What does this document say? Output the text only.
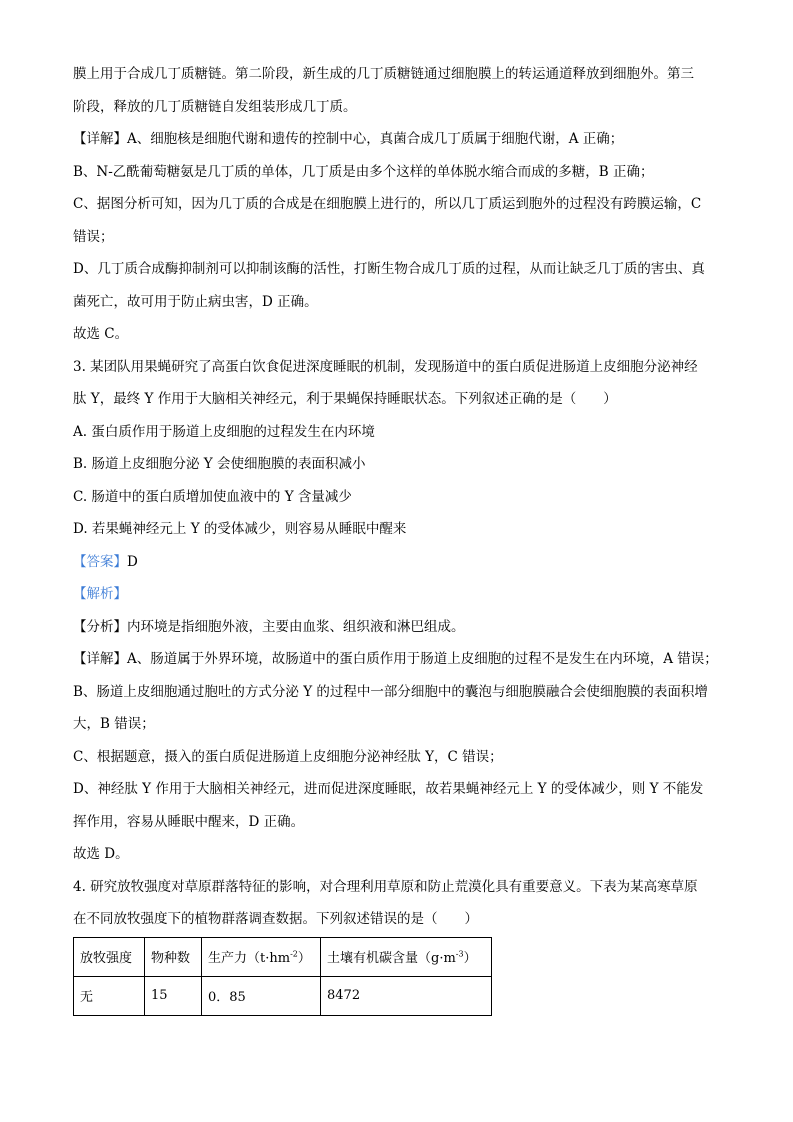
膜上用于合成几丁质糖链。第二阶段，新生成的几丁质糖链通过细胞膜上的转运通道释放到细胞外。第三

阶段，释放的几丁质糖链自发组装形成几丁质。

【详解】A、细胞核是细胞代谢和遗传的控制中心，真菌合成几丁质属于细胞代谢，A 正确；

B、N-乙酰葡萄糖氨是几丁质的单体，几丁质是由多个这样的单体脱水缩合而成的多糖，B 正确；

C、据图分析可知，因为几丁质的合成是在细胞膜上进行的，所以几丁质运到胞外的过程没有跨膜运输，C

错误；

D、几丁质合成酶抑制剂可以抑制该酶的活性，打断生物合成几丁质的过程，从而让缺乏几丁质的害虫、真

菌死亡，故可用于防止病虫害，D 正确。

故选 C。

3. 某团队用果蝇研究了高蛋白饮食促进深度睡眠的机制，发现肠道中的蛋白质促进肠道上皮细胞分泌神经

肽 Y，最终 Y 作用于大脑相关神经元，利于果蝇保持睡眠状态。下列叙述正确的是（　　）

A. 蛋白质作用于肠道上皮细胞的过程发生在内环境

B. 肠道上皮细胞分泌 Y 会使细胞膜的表面积减小

C. 肠道中的蛋白质增加使血液中的 Y 含量减少

D. 若果蝇神经元上 Y 的受体减少，则容易从睡眠中醒来

【答案】D

【解析】

【分析】内环境是指细胞外液，主要由血浆、组织液和淋巴组成。

【详解】A、肠道属于外界环境，故肠道中的蛋白质作用于肠道上皮细胞的过程不是发生在内环境，A 错误；

B、肠道上皮细胞通过胞吐的方式分泌 Y 的过程中一部分细胞中的囊泡与细胞膜融合会使细胞膜的表面积增

大，B 错误；

C、根据题意，摄入的蛋白质促进肠道上皮细胞分泌神经肽 Y，C 错误；

D、神经肽 Y 作用于大脑相关神经元，进而促进深度睡眠，故若果蝇神经元上 Y 的受体减少，则 Y 不能发

挥作用，容易从睡眠中醒来，D 正确。

故选 D。

4. 研究放牧强度对草原群落特征的影响，对合理利用草原和防止荒漠化具有重要意义。下表为某高寒草原

在不同放牧强度下的植物群落调查数据。下列叙述错误的是（　　）

放牧强度	物种数	生产力$(t\cdot hm^{-2})$	土壤有机碳含量$(g\cdot m^{-3})$
无	15	0．85	8472
